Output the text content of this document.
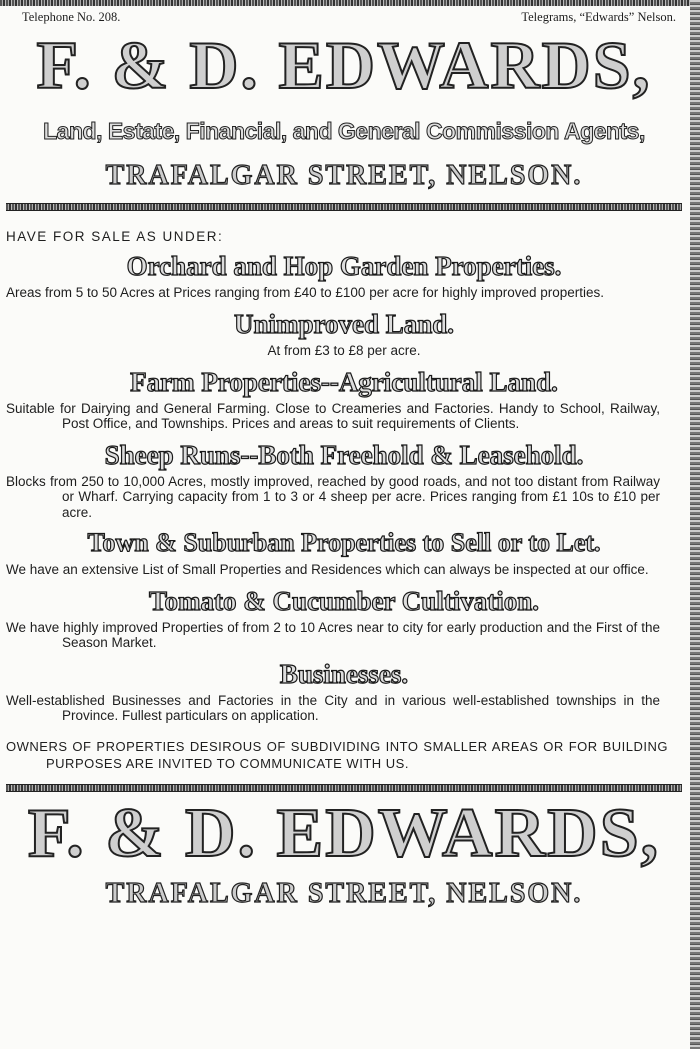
Telephone No. 208.	Telegrams, “Edwards” Nelson.
F. & D. EDWARDS,
Land, Estate, Financial, and General Commission Agents,
TRAFALGAR STREET, NELSON.
HAVE FOR SALE AS UNDER:
Orchard and Hop Garden Properties.
Areas from 5 to 50 Acres at Prices ranging from £40 to £100 per acre for highly improved properties.
Unimproved Land.
At from £3 to £8 per acre.
Farm Properties--Agricultural Land.
Suitable for Dairying and General Farming. Close to Creameries and Factories. Handy to School, Railway, Post Office, and Townships. Prices and areas to suit requirements of Clients.
Sheep Runs--Both Freehold & Leasehold.
Blocks from 250 to 10,000 Acres, mostly improved, reached by good roads, and not too distant from Railway or Wharf. Carrying capacity from 1 to 3 or 4 sheep per acre. Prices ranging from £1 10s to £10 per acre.
Town & Suburban Properties to Sell or to Let.
We have an extensive List of Small Properties and Residences which can always be inspected at our office.
Tomato & Cucumber Cultivation.
We have highly improved Properties of from 2 to 10 Acres near to city for early production and the First of the Season Market.
Businesses.
Well-established Businesses and Factories in the City and in various well-established townships in the Province. Fullest particulars on application.
OWNERS OF PROPERTIES DESIROUS OF SUBDIVIDING INTO SMALLER AREAS OR FOR BUILDING PURPOSES ARE INVITED TO COMMUNICATE WITH US.
F. & D. EDWARDS,
TRAFALGAR STREET, NELSON.
